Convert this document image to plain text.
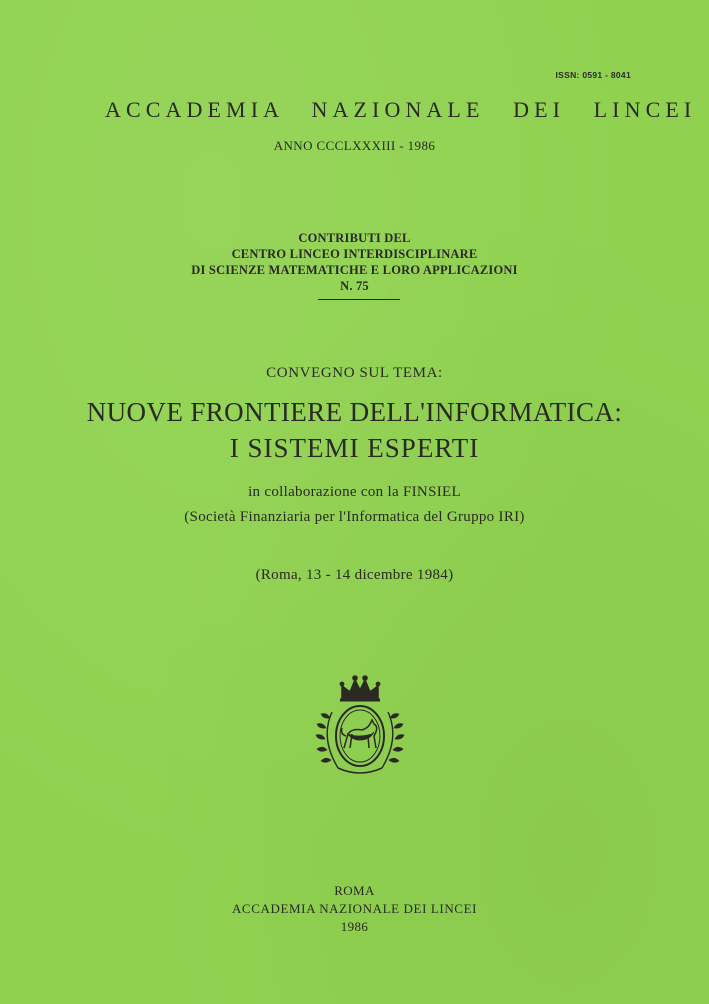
ISSN: 0591 - 8041
ACCADEMIA NAZIONALE DEI LINCEI
ANNO CCCLXXXIII - 1986
CONTRIBUTI DEL
CENTRO LINCEO INTERDISCIPLINARE
DI SCIENZE MATEMATICHE E LORO APPLICAZIONI
N. 75
CONVEGNO SUL TEMA:
NUOVE FRONTIERE DELL'INFORMATICA:
I SISTEMI ESPERTI
in collaborazione con la FINSIEL
(Società Finanziaria per l'Informatica del Gruppo IRI)
(Roma, 13 - 14 dicembre 1984)
ROMA
ACCADEMIA NAZIONALE DEI LINCEI
1986
